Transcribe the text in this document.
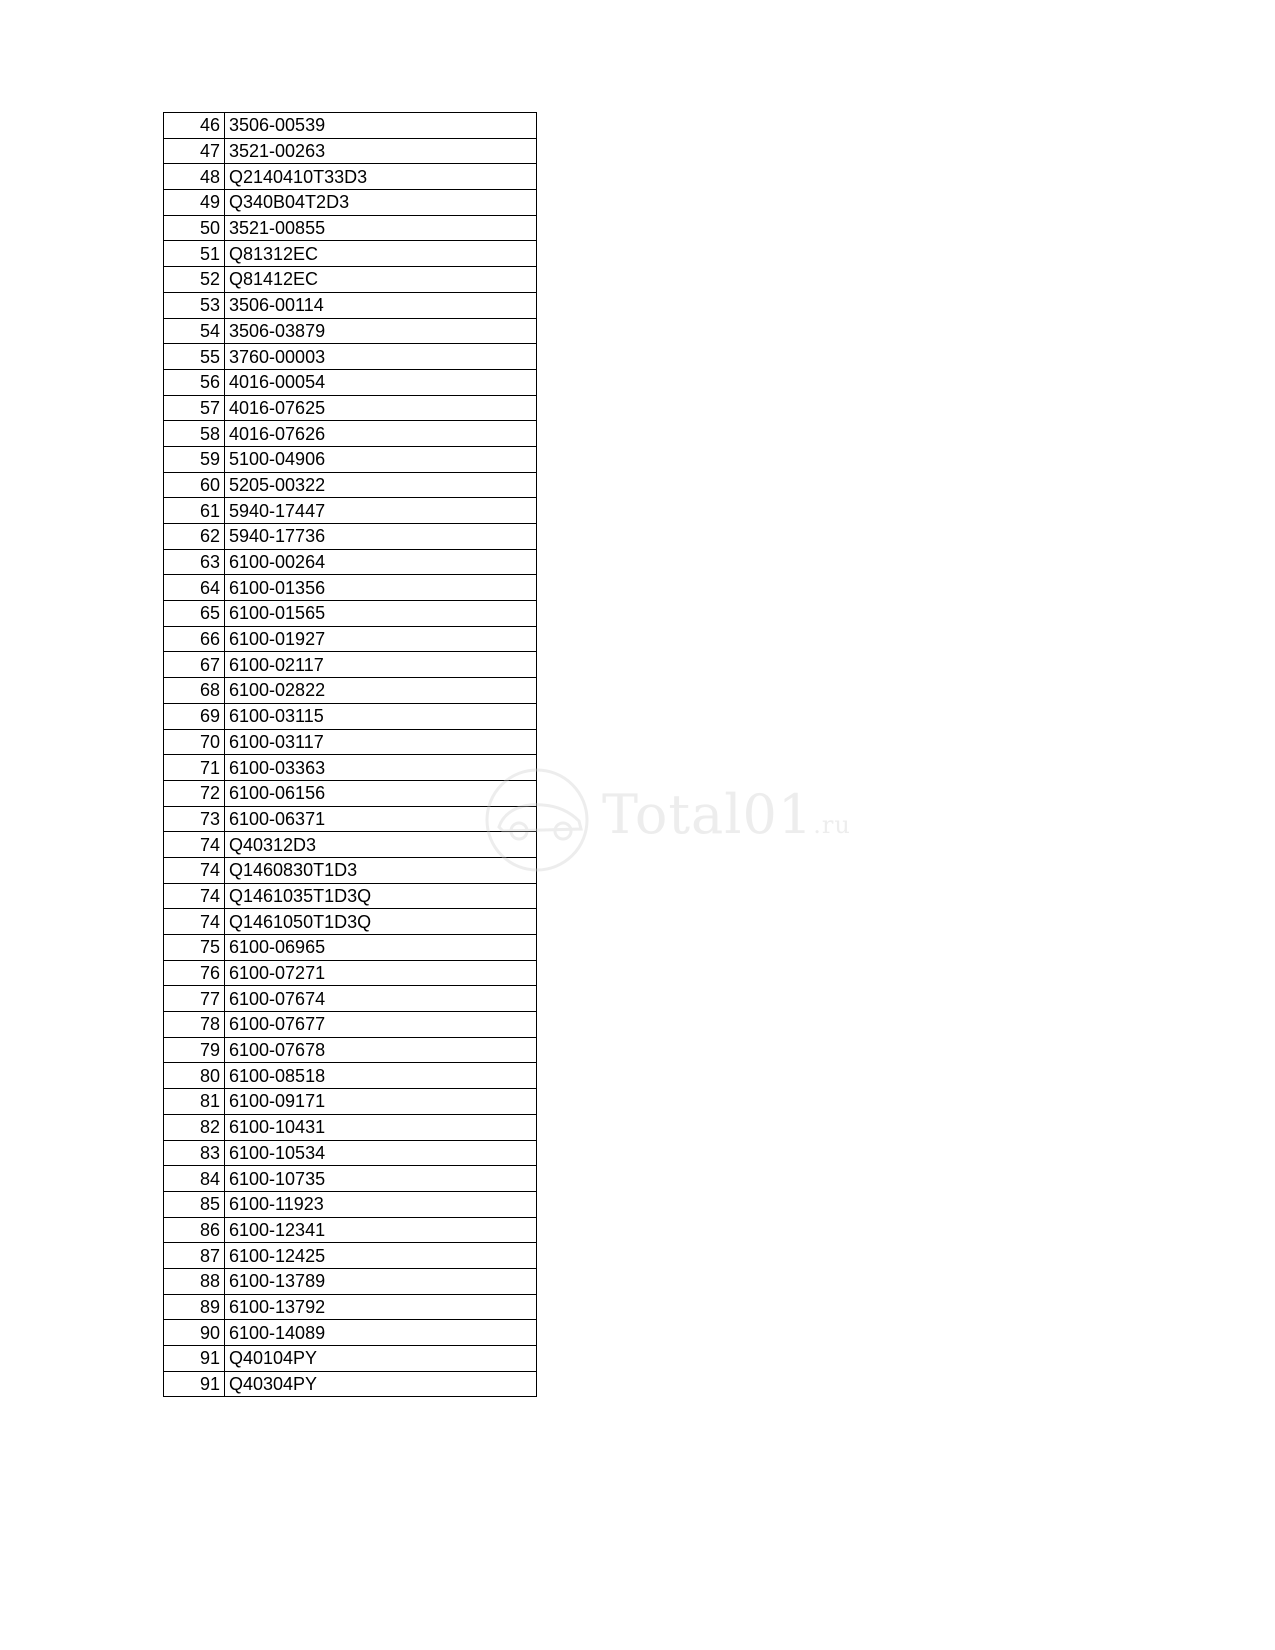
46	3506-00539
47	3521-00263
48	Q2140410T33D3
49	Q340B04T2D3
50	3521-00855
51	Q81312EC
52	Q81412EC
53	3506-00114
54	3506-03879
55	3760-00003
56	4016-00054
57	4016-07625
58	4016-07626
59	5100-04906
60	5205-00322
61	5940-17447
62	5940-17736
63	6100-00264
64	6100-01356
65	6100-01565
66	6100-01927
67	6100-02117
68	6100-02822
69	6100-03115
70	6100-03117
71	6100-03363
72	6100-06156
73	6100-06371
74	Q40312D3
74	Q1460830T1D3
74	Q1461035T1D3Q
74	Q1461050T1D3Q
75	6100-06965
76	6100-07271
77	6100-07674
78	6100-07677
79	6100-07678
80	6100-08518
81	6100-09171
82	6100-10431
83	6100-10534
84	6100-10735
85	6100-11923
86	6100-12341
87	6100-12425
88	6100-13789
89	6100-13792
90	6100-14089
91	Q40104PY
91	Q40304PY
Total01.ru
